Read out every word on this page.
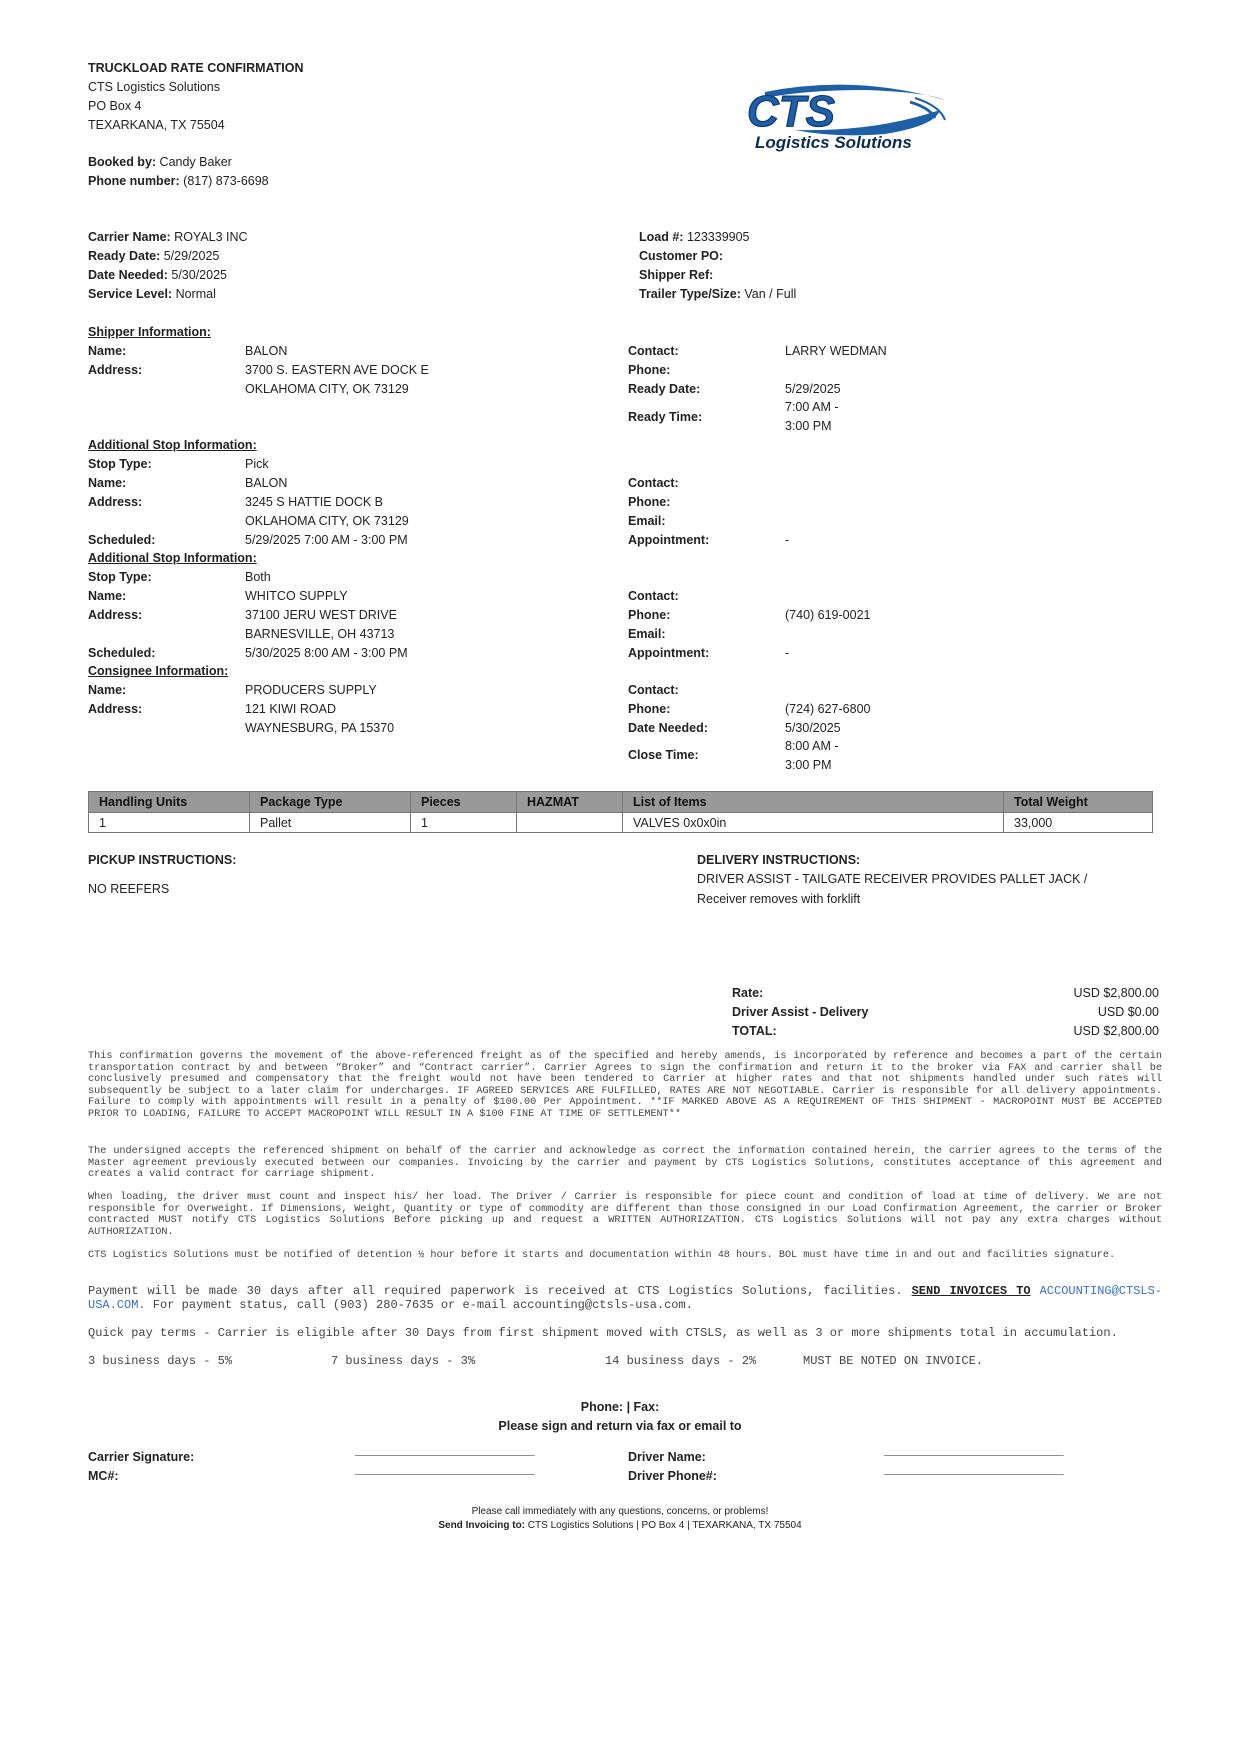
TRUCKLOAD RATE CONFIRMATION
CTS Logistics Solutions
PO Box 4
TEXARKANA, TX 75504
Booked by: Candy Baker
Phone number: (817) 873-6698
CTS
Logistics Solutions
Carrier Name: ROYAL3 INC
Ready Date: 5/29/2025
Date Needed: 5/30/2025
Service Level: Normal
Load #: 123339905
Customer PO:
Shipper Ref:
Trailer Type/Size: Van / Full
Shipper Information:
Name:	BALON
Address:	3700 S. EASTERN AVE DOCK E
OKLAHOMA CITY, OK 73129
Contact:	LARRY WEDMAN
Phone:
Ready Date:	5/29/2025
Ready Time:
7:00 AM -
3:00 PM
Additional Stop Information:
Stop Type:	Pick
Name:	BALON
Address:	3245 S HATTIE DOCK B
OKLAHOMA CITY, OK 73129
Scheduled:	5/29/2025 7:00 AM - 3:00 PM
Contact:
Phone:
Email:
Appointment:	-
Additional Stop Information:
Stop Type:	Both
Name:	WHITCO SUPPLY
Address:	37100 JERU WEST DRIVE
BARNESVILLE, OH 43713
Scheduled:	5/30/2025 8:00 AM - 3:00 PM
Contact:
Phone:	(740) 619-0021
Email:
Appointment:	-
Consignee Information:
Name:	PRODUCERS SUPPLY
Address:	121 KIWI ROAD
WAYNESBURG, PA 15370
Contact:
Phone:	(724) 627-6800
Date Needed:	5/30/2025
Close Time:
8:00 AM -
3:00 PM
Handling Units	Package Type	Pieces	HAZMAT	List of Items	Total Weight
1	Pallet	1		VALVES 0x0x0in	33,000
PICKUP INSTRUCTIONS:
NO REEFERS
DELIVERY INSTRUCTIONS:
DRIVER ASSIST - TAILGATE RECEIVER PROVIDES PALLET JACK /
Receiver removes with forklift
Rate:	USD $2,800.00
Driver Assist - Delivery	USD $0.00
TOTAL:	USD $2,800.00
This confirmation governs the movement of the above-referenced freight as of the specified and hereby amends, is incorporated by reference and becomes a part of the certain transportation contract by and between “Broker” and “Contract carrier”. Carrier Agrees to sign the confirmation and return it to the broker via FAX and carrier shall be conclusively presumed and compensatory that the freight would not have been tendered to Carrier at higher rates and that not shipments handled under such rates will subsequently be subject to a later claim for undercharges. IF AGREED SERVICES ARE FULFILLED, RATES ARE NOT NEGOTIABLE. Carrier is responsible for all delivery appointments. Failure to comply with appointments will result in a penalty of $100.00 Per Appointment. **IF MARKED ABOVE AS A REQUIREMENT OF THIS SHIPMENT - MACROPOINT MUST BE ACCEPTED PRIOR TO LOADING, FAILURE TO ACCEPT MACROPOINT WILL RESULT IN A $100 FINE AT TIME OF SETTLEMENT**
The undersigned accepts the referenced shipment on behalf of the carrier and acknowledge as correct the information contained herein, the carrier agrees to the terms of the Master agreement previously executed between our companies. Invoicing by the carrier and payment by CTS Logistics Solutions, constitutes acceptance of this agreement and creates a valid contract for carriage shipment.
When loading, the driver must count and inspect his/ her load. The Driver / Carrier is responsible for piece count and condition of load at time of delivery. We are not responsible for Overweight. If Dimensions, Weight, Quantity or type of commodity are different than those consigned in our Load Confirmation Agreement, the carrier or Broker contracted MUST notify CTS Logistics Solutions Before picking up and request a WRITTEN AUTHORIZATION. CTS Logistics Solutions will not pay any extra charges without AUTHORIZATION.
CTS Logistics Solutions must be notified of detention ½ hour before it starts and documentation within 48 hours. BOL must have time in and out and facilities signature.
Payment will be made 30 days after all required paperwork is received at CTS Logistics Solutions, facilities. SEND INVOICES TO ACCOUNTING@CTSLS-USA.COM. For payment status, call (903) 280-7635 or e-mail accounting@ctsls-usa.com.
Quick pay terms - Carrier is eligible after 30 Days from first shipment moved with CTSLS, as well as 3 or more shipments total in accumulation.
3 business days - 5%	7 business days - 3%	14 business days - 2%	MUST BE NOTED ON INVOICE.
Phone: | Fax:
Please sign and return via fax or email to
Carrier Signature:	______________________________
MC#:	______________________________
Driver Name:	______________________________
Driver Phone#:	______________________________
Please call immediately with any questions, concerns, or problems!
Send Invoicing to: CTS Logistics Solutions | PO Box 4 | TEXARKANA, TX 75504
